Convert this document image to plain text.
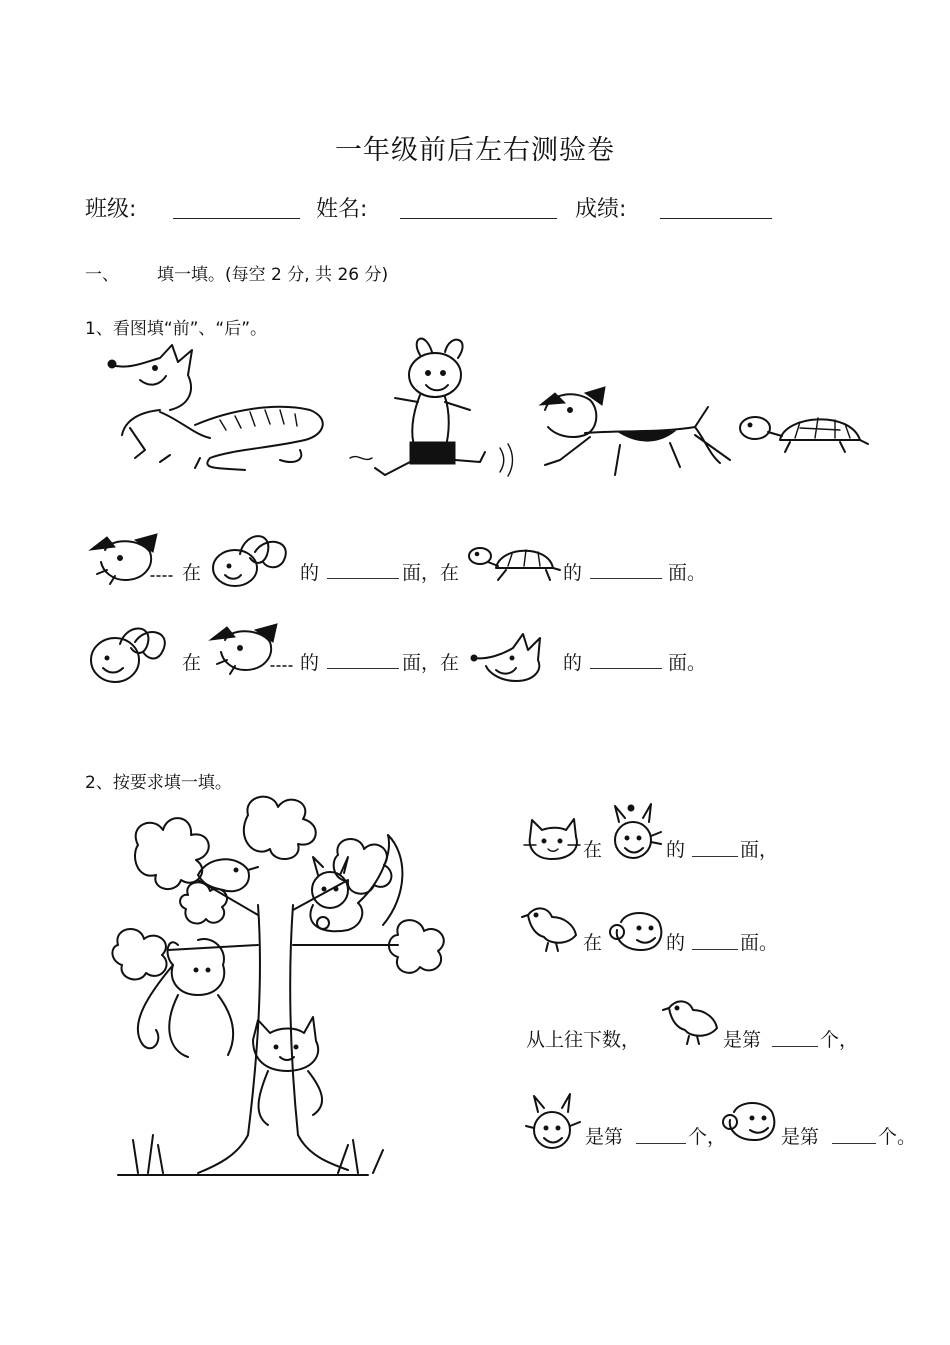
一年级前后左右测验卷
班级:	姓名:	成绩:
一、 填一填。(每空 2 分, 共 26 分)
1、看图填“前”、“后”。
在	的	面，在	的	面。
在	的	面，在	的	面。
2、按要求填一填。
在	的	面，
在	的	面。
从上往下数，	是第	个，
是第	个，	是第	个。
